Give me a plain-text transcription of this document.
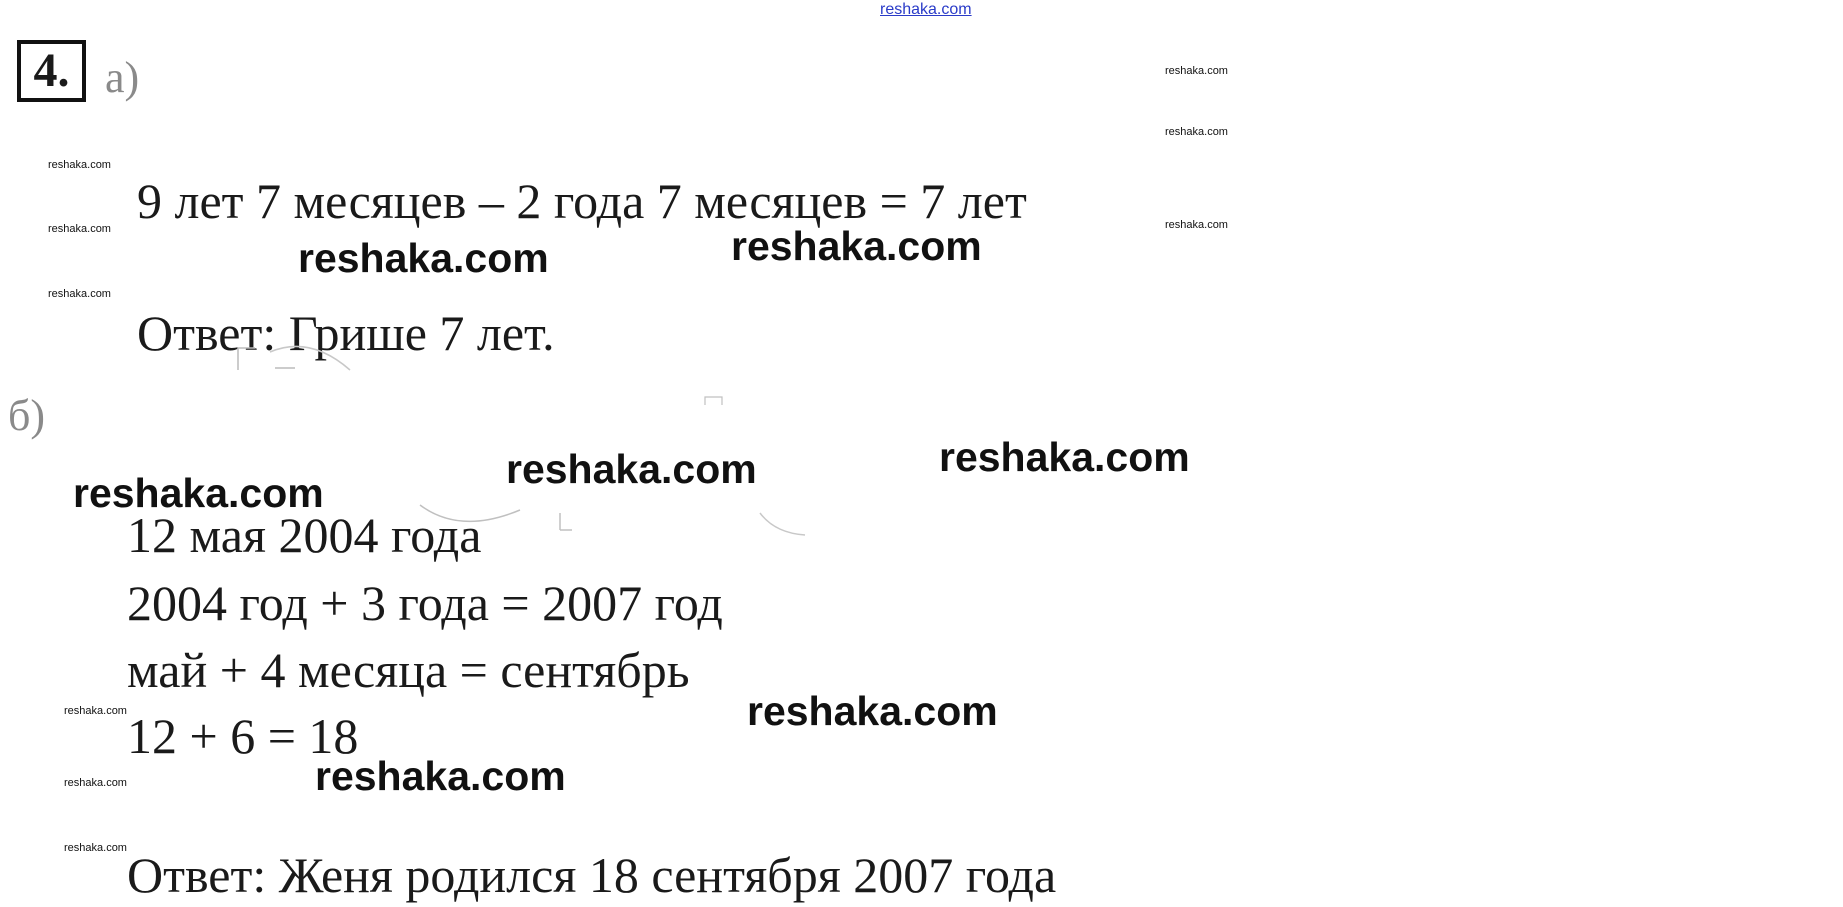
reshaka.com
4. а)
9 лет 7 месяцев – 2 года 7 месяцев = 7 лет
Ответ: Грише 7 лет.
б)
12 мая 2004 года
2004 год + 3 года = 2007 год
май + 4 месяца = сентябрь
12 + 6 = 18
Ответ: Женя родился 18 сентября 2007 года
reshaka.com	reshaka.com
reshaka.com
reshaka.com
reshaka.com
reshaka.com
reshaka.com
reshaka.com
reshaka.com
reshaka.com
reshaka.com
reshaka.com
reshaka.com
reshaka.com
reshaka.com
reshaka.com
